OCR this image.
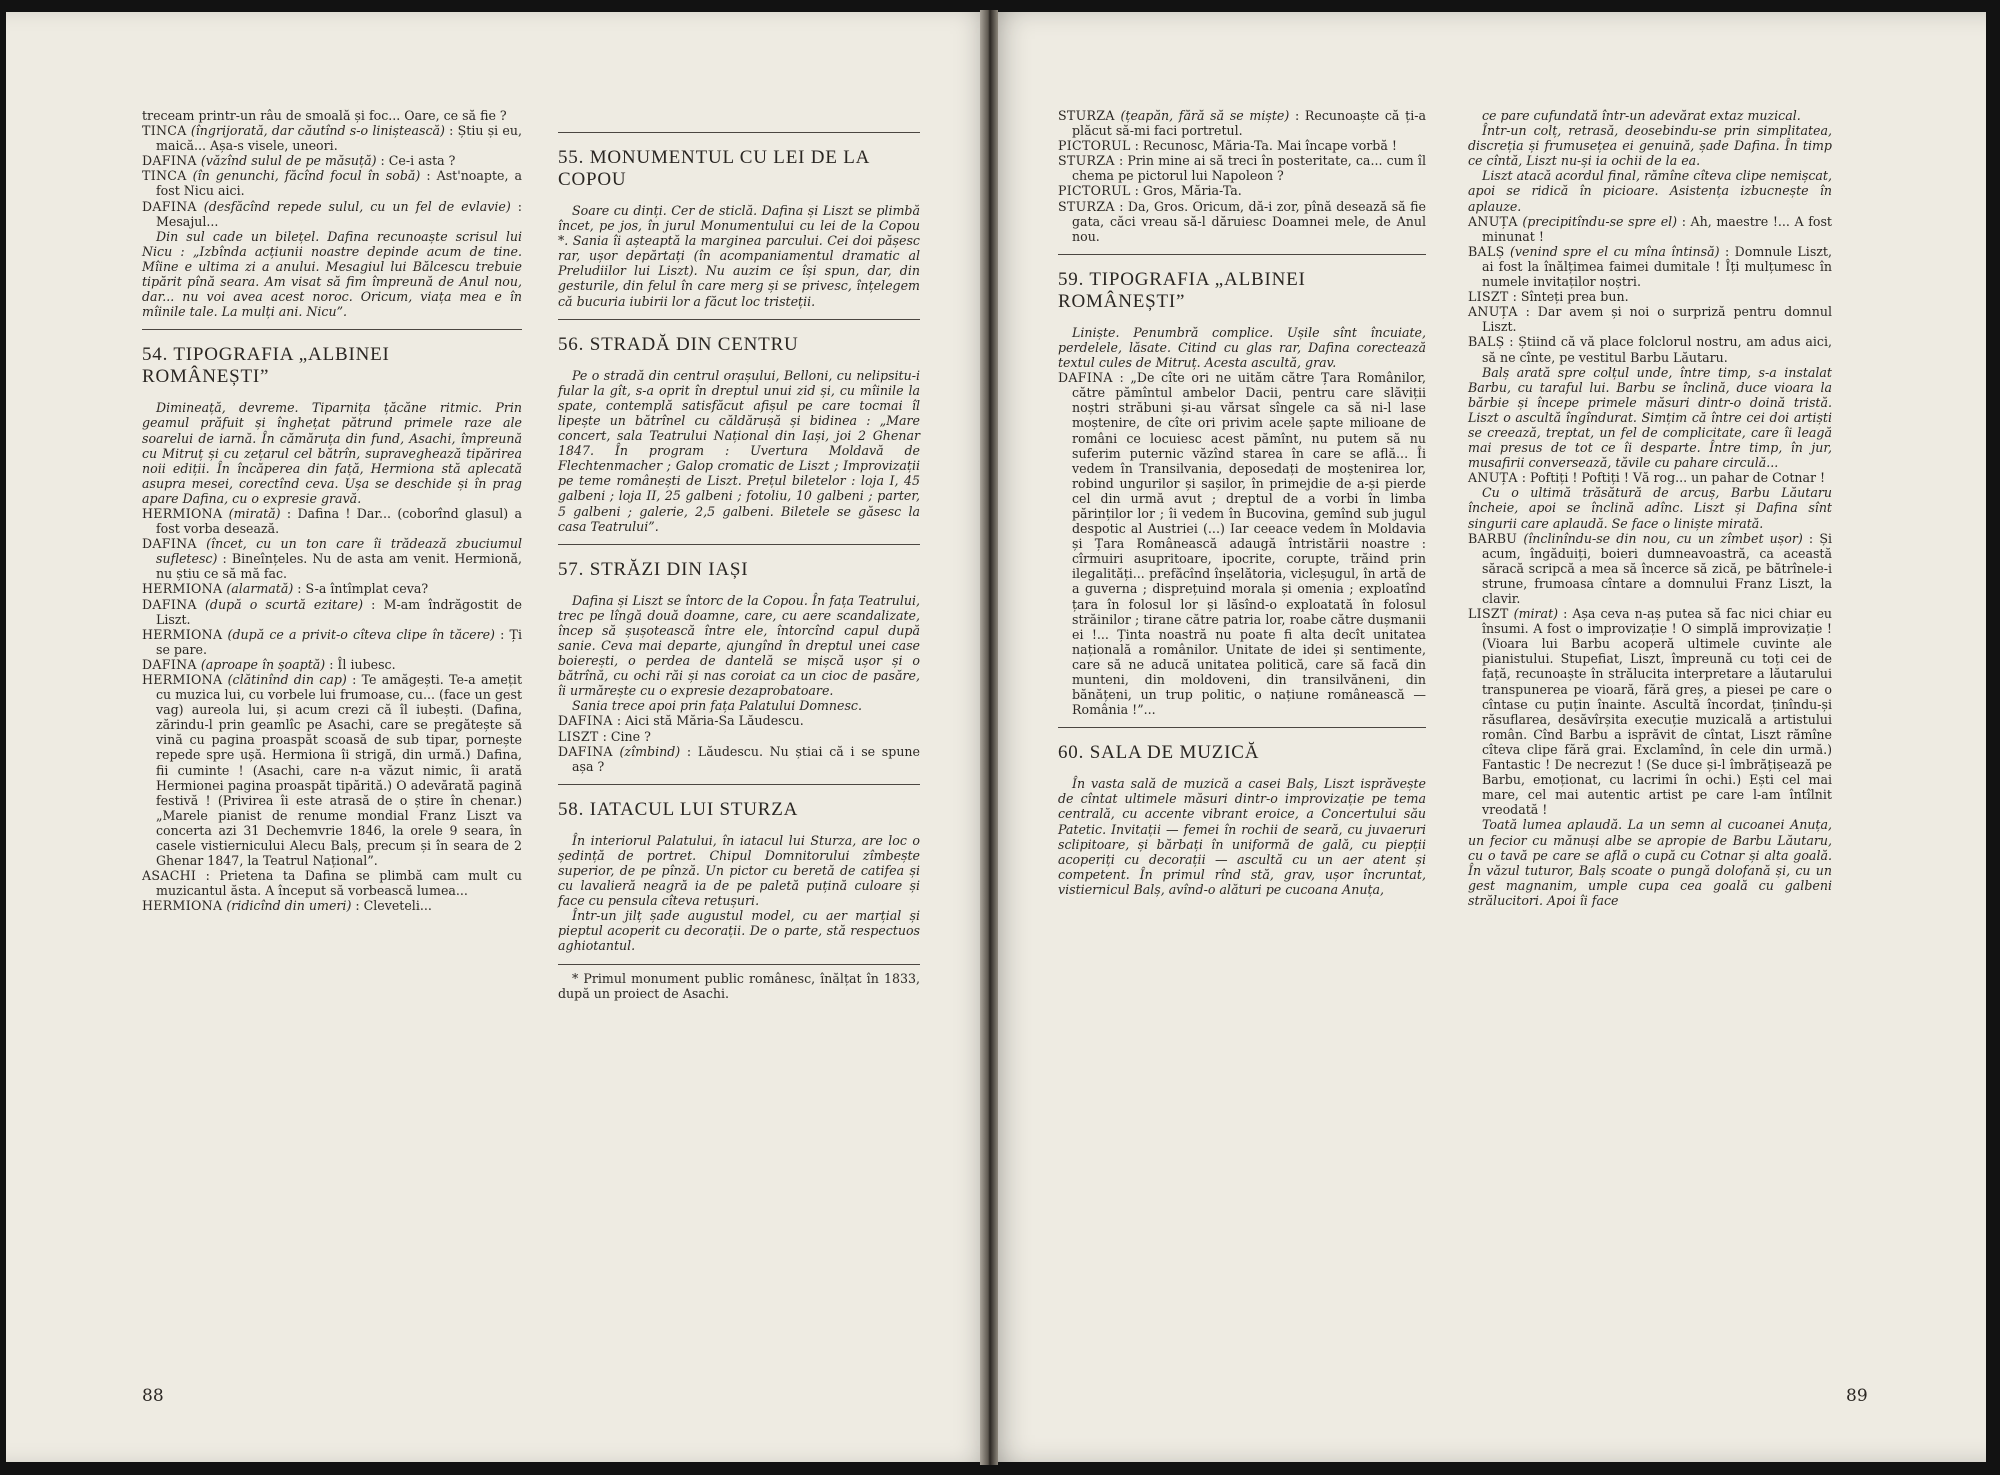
treceam printr-un râu de smoală și foc... Oare, ce să fie ?

TINCA (îngrijorată, dar căutînd s-o liniștească) : Știu și eu, maică... Așa-s visele, uneori.

DAFINA (văzînd sulul de pe măsuță) : Ce-i asta ?

TINCA (în genunchi, făcînd focul în sobă) : Ast'noapte, a fost Nicu aici.

DAFINA (desfăcînd repede sulul, cu un fel de evlavie) : Mesajul...

Din sul cade un bilețel. Dafina recunoaște scrisul lui Nicu : „Izbînda acțiunii noastre depinde acum de tine. Mîine e ultima zi a anului. Mesagiul lui Bălcescu trebuie tipărit pînă seara. Am visat să fim împreună de Anul nou, dar... nu voi avea acest noroc. Oricum, viața mea e în mîinile tale. La mulți ani. Nicu”.

54. TIPOGRAFIA „ALBINEI ROMÂNEȘTI”

Dimineață, devreme. Tiparnița țăcăne ritmic. Prin geamul prăfuit și înghețat pătrund primele raze ale soarelui de iarnă. În cămăruța din fund, Asachi, împreună cu Mitruț și cu zețarul cel bătrîn, supraveghează tipărirea noii ediții. În încăperea din față, Hermiona stă aplecată asupra mesei, corectînd ceva. Ușa se deschide și în prag apare Dafina, cu o expresie gravă.

HERMIONA (mirată) : Dafina ! Dar... (coborînd glasul) a fost vorba desează.

DAFINA (încet, cu un ton care îi trădează zbuciumul sufletesc) : Bineînțeles. Nu de asta am venit. Hermionă, nu știu ce să mă fac.

HERMIONA (alarmată) : S-a întîmplat ceva?

DAFINA (după o scurtă ezitare) : M-am îndrăgostit de Liszt.

HERMIONA (după ce a privit-o cîteva clipe în tăcere) : Ți se pare.

DAFINA (aproape în șoaptă) : Îl iubesc.

HERMIONA (clătinînd din cap) : Te amăgești. Te-a amețit cu muzica lui, cu vorbele lui frumoase, cu... (face un gest vag) aureola lui, și acum crezi că îl iubești. (Dafina, zărindu-l prin geamlîc pe Asachi, care se pregătește să vină cu pagina proaspăt scoasă de sub tipar, pornește repede spre ușă. Hermiona îi strigă, din urmă.) Dafina, fii cuminte ! (Asachi, care n-a văzut nimic, îi arată Hermionei pagina proaspăt tipărită.) O adevărată pagină festivă ! (Privirea îi este atrasă de o știre în chenar.) „Marele pianist de renume mondial Franz Liszt va concerta azi 31 Dechemvrie 1846, la orele 9 seara, în casele vistiernicului Alecu Balș, precum și în seara de 2 Ghenar 1847, la Teatrul Național”.

ASACHI : Prietena ta Dafina se plimbă cam mult cu muzicantul ăsta. A început să vorbească lumea...

HERMIONA (ridicînd din umeri) : Cleveteli...

55. MONUMENTUL CU LEI DE LA COPOU

Soare cu dinți. Cer de sticlă. Dafina și Liszt se plimbă încet, pe jos, în jurul Monumentului cu lei de la Copou *. Sania îi așteaptă la marginea parcului. Cei doi pășesc rar, ușor depărtați (în acompaniamentul dramatic al Preludiilor lui Liszt). Nu auzim ce își spun, dar, din gesturile, din felul în care merg și se privesc, înțelegem că bucuria iubirii lor a făcut loc tristeții.

56. STRADĂ DIN CENTRU

Pe o stradă din centrul orașului, Belloni, cu nelipsitu-i fular la gît, s-a oprit în dreptul unui zid și, cu mîinile la spate, contemplă satisfăcut afișul pe care tocmai îl lipește un bătrînel cu căldărușă și bidinea : „Mare concert, sala Teatrului Național din Iași, joi 2 Ghenar 1847. În program : Uvertura Moldavă de Flechtenmacher ; Galop cromatic de Liszt ; Improvizații pe teme românești de Liszt. Prețul biletelor : loja I, 45 galbeni ; loja II, 25 galbeni ; fotoliu, 10 galbeni ; parter, 5 galbeni ; galerie, 2,5 galbeni. Biletele se găsesc la casa Teatrului”.

57. STRĂZI DIN IAȘI

Dafina și Liszt se întorc de la Copou. În fața Teatrului, trec pe lîngă două doamne, care, cu aere scandalizate, încep să șușotească între ele, întorcînd capul după sanie. Ceva mai departe, ajungînd în dreptul unei case boierești, o perdea de dantelă se mișcă ușor și o bătrînă, cu ochi răi și nas coroiat ca un cioc de pasăre, îi urmărește cu o expresie dezaprobatoare.

Sania trece apoi prin fața Palatului Domnesc.

DAFINA : Aici stă Măria-Sa Lăudescu.

LISZT : Cine ?

DAFINA (zîmbind) : Lăudescu. Nu știai că i se spune așa ?

58. IATACUL LUI STURZA

În interiorul Palatului, în iatacul lui Sturza, are loc o ședință de portret. Chipul Domnitorului zîmbește superior, de pe pînză. Un pictor cu beretă de catifea și cu lavalieră neagră ia de pe paletă puțină culoare și face cu pensula cîteva retușuri.

Într-un jilț șade augustul model, cu aer marțial și pieptul acoperit cu decorații. De o parte, stă respectuos aghiotantul.

* Primul monument public românesc, înălțat în 1833, după un proiect de Asachi.

88

STURZA (țeapăn, fără să se miște) : Recunoaște că ți-a plăcut să-mi faci portretul.

PICTORUL : Recunosc, Măria-Ta. Mai încape vorbă !

STURZA : Prin mine ai să treci în posteritate, ca... cum îl chema pe pictorul lui Napoleon ?

PICTORUL : Gros, Măria-Ta.

STURZA : Da, Gros. Oricum, dă-i zor, pînă desează să fie gata, căci vreau să-l dăruiesc Doamnei mele, de Anul nou.

59. TIPOGRAFIA „ALBINEI ROMÂNEȘTI”

Liniște. Penumbră complice. Ușile sînt încuiate, perdelele, lăsate. Citind cu glas rar, Dafina corectează textul cules de Mitruț. Acesta ascultă, grav.

DAFINA : „De cîte ori ne uităm către Țara Românilor, către pămîntul ambelor Dacii, pentru care slăviții noștri străbuni și-au vărsat sîngele ca să ni-l lase moștenire, de cîte ori privim acele șapte milioane de români ce locuiesc acest pămînt, nu putem să nu suferim puternic văzînd starea în care se află... Îi vedem în Transilvania, deposedați de moștenirea lor, robind ungurilor și sașilor, în primejdie de a-și pierde cel din urmă avut ; dreptul de a vorbi în limba părinților lor ; îi vedem în Bucovina, gemînd sub jugul despotic al Austriei (...) Iar ceeace vedem în Moldavia și Țara Românească adaugă întristării noastre : cîrmuiri asupritoare, ipocrite, corupte, trăind prin ilegalități... prefăcînd înșelătoria, vicleșugul, în artă de a guverna ; disprețuind morala și omenia ; exploatînd țara în folosul lor și lăsînd-o exploatată în folosul străinilor ; tirane către patria lor, roabe către dușmanii ei !... Ținta noastră nu poate fi alta decît unitatea națională a românilor. Unitate de idei și sentimente, care să ne aducă unitatea politică, care să facă din munteni, din moldoveni, din transilvăneni, din bănățeni, un trup politic, o națiune românească — România !”...

60. SALA DE MUZICĂ

În vasta sală de muzică a casei Balș, Liszt isprăvește de cîntat ultimele măsuri dintr-o improvizație pe tema centrală, cu accente vibrant eroice, a Concertului său Patetic. Invitații — femei în rochii de seară, cu juvaeruri sclipitoare, și bărbați în uniformă de gală, cu piepții acoperiți cu decorații — ascultă cu un aer atent și competent. În primul rînd stă, grav, ușor încruntat, vistiernicul Balș, avînd-o alături pe cucoana Anuța,

ce pare cufundată într-un adevărat extaz muzical.

Într-un colț, retrasă, deosebindu-se prin simplitatea, discreția și frumusețea ei genuină, șade Dafina. În timp ce cîntă, Liszt nu-și ia ochii de la ea.

Liszt atacă acordul final, rămîne cîteva clipe nemișcat, apoi se ridică în picioare. Asistența izbucnește în aplauze.

ANUȚA (precipitîndu-se spre el) : Ah, maestre !... A fost minunat !

BALȘ (venind spre el cu mîna întinsă) : Domnule Liszt, ai fost la înălțimea faimei dumitale ! Îți mulțumesc în numele invitaților noștri.

LISZT : Sînteți prea bun.

ANUȚA : Dar avem și noi o surpriză pentru domnul Liszt.

BALȘ : Știind că vă place folclorul nostru, am adus aici, să ne cînte, pe vestitul Barbu Lăutaru.

Balș arată spre colțul unde, între timp, s-a instalat Barbu, cu taraful lui. Barbu se înclină, duce vioara la bărbie și începe primele măsuri dintr-o doină tristă. Liszt o ascultă îngîndurat. Simțim că între cei doi artiști se creează, treptat, un fel de complicitate, care îi leagă mai presus de tot ce îi desparte. Între timp, în jur, musafirii conversează, tăvile cu pahare circulă...

ANUȚA : Poftiți ! Poftiți ! Vă rog... un pahar de Cotnar !

Cu o ultimă trăsătură de arcuș, Barbu Lăutaru încheie, apoi se înclină adînc. Liszt și Dafina sînt singurii care aplaudă. Se face o liniște mirată.

BARBU (înclinîndu-se din nou, cu un zîmbet ușor) : Și acum, îngăduiți, boieri dumneavoastră, ca această săracă scripcă a mea să încerce să zică, pe bătrînele-i strune, frumoasa cîntare a domnului Franz Liszt, la clavir.

LISZT (mirat) : Așa ceva n-aș putea să fac nici chiar eu însumi. A fost o improvizație ! O simplă improvizație ! (Vioara lui Barbu acoperă ultimele cuvinte ale pianistului. Stupefiat, Liszt, împreună cu toți cei de față, recunoaște în strălucita interpretare a lăutarului transpunerea pe vioară, fără greș, a piesei pe care o cîntase cu puțin înainte. Ascultă încordat, ținîndu-și răsuflarea, desăvîrșita execuție muzicală a artistului român. Cînd Barbu a isprăvit de cîntat, Liszt rămîne cîteva clipe fără grai. Exclamînd, în cele din urmă.) Fantastic ! De necrezut ! (Se duce și-l îmbrățișează pe Barbu, emoționat, cu lacrimi în ochi.) Ești cel mai mare, cel mai autentic artist pe care l-am întîlnit vreodată !

Toată lumea aplaudă. La un semn al cucoanei Anuța, un fecior cu mănuși albe se apropie de Barbu Lăutaru, cu o tavă pe care se află o cupă cu Cotnar și alta goală. În văzul tuturor, Balș scoate o pungă dolofană și, cu un gest magnanim, umple cupa cea goală cu galbeni strălucitori. Apoi îi face

89
